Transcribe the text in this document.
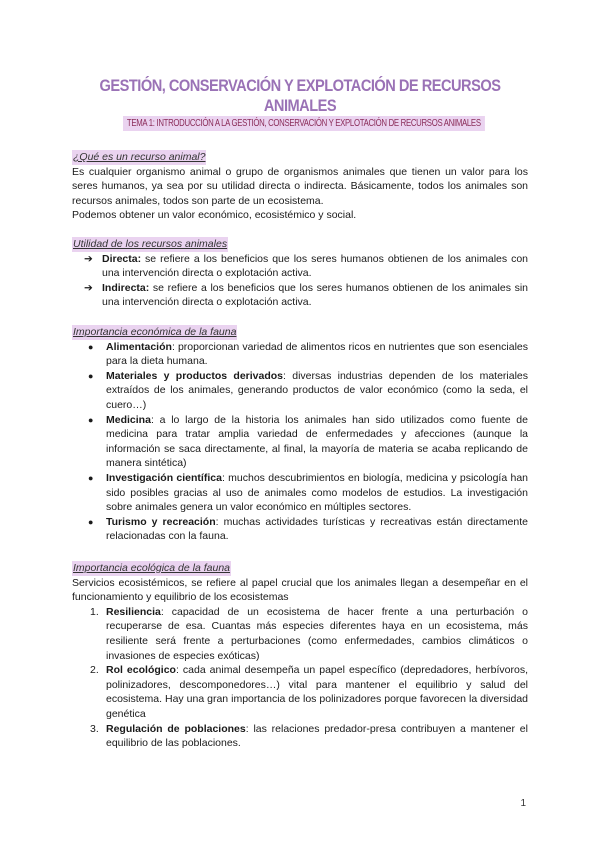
GESTIÓN, CONSERVACIÓN Y EXPLOTACIÓN DE RECURSOS ANIMALES
TEMA 1: INTRODUCCIÓN A LA GESTIÓN, CONSERVACIÓN Y EXPLOTACIÓN DE RECURSOS ANIMALES
¿Qué es un recurso animal?

Es cualquier organismo animal o grupo de organismos animales que tienen un valor para los seres humanos, ya sea por su utilidad directa o indirecta. Básicamente, todos los animales son recursos animales, todos son parte de un ecosistema.

Podemos obtener un valor económico, ecosistémico y social.

Utilidad de los recursos animales
➔ Directa: se refiere a los beneficios que los seres humanos obtienen de los animales con una intervención directa o explotación activa.
➔ Indirecta: se refiere a los beneficios que los seres humanos obtienen de los animales sin una intervención directa o explotación activa.
Importancia económica de la fauna
● Alimentación: proporcionan variedad de alimentos ricos en nutrientes que son esenciales para la dieta humana.
● Materiales y productos derivados: diversas industrias dependen de los materiales extraídos de los animales, generando productos de valor económico (como la seda, el cuero…)
● Medicina: a lo largo de la historia los animales han sido utilizados como fuente de medicina para tratar amplia variedad de enfermedades y afecciones (aunque la información se saca directamente, al final, la mayoría de materia se acaba replicando de manera sintética)
● Investigación científica: muchos descubrimientos en biología, medicina y psicología han sido posibles gracias al uso de animales como modelos de estudios. La investigación sobre animales genera un valor económico en múltiples sectores.
● Turismo y recreación: muchas actividades turísticas y recreativas están directamente relacionadas con la fauna.
Importancia ecológica de la fauna

Servicios ecosistémicos, se refiere al papel crucial que los animales llegan a desempeñar en el funcionamiento y equilibrio de los ecosistemas

1. Resiliencia: capacidad de un ecosistema de hacer frente a una perturbación o recuperarse de esa. Cuantas más especies diferentes haya en un ecosistema, más resiliente será frente a perturbaciones (como enfermedades, cambios climáticos o invasiones de especies exóticas)
2. Rol ecológico: cada animal desempeña un papel específico (depredadores, herbívoros, polinizadores, descomponedores…) vital para mantener el equilibrio y salud del ecosistema. Hay una gran importancia de los polinizadores porque favorecen la diversidad genética
3. Regulación de poblaciones: las relaciones predador-presa contribuyen a mantener el equilibrio de las poblaciones.
1
